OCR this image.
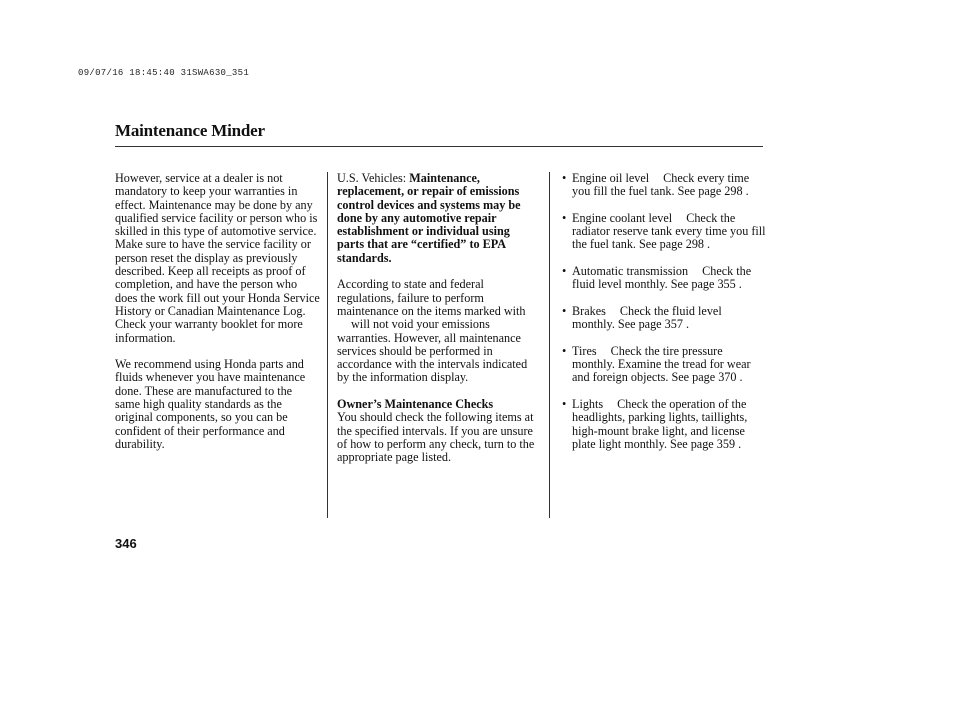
09/07/16 18:45:40 31SWA630_351
Maintenance Minder

However, service at a dealer is not mandatory to keep your warranties in effect. Maintenance may be done by any qualified service facility or person who is skilled in this type of automotive service. Make sure to have the service facility or person reset the display as previously described. Keep all receipts as proof of completion, and have the person who does the work fill out your Honda Service History or Canadian Maintenance Log. Check your warranty booklet for more information.

We recommend using Honda parts and fluids whenever you have maintenance done. These are manufactured to the same high quality standards as the original components, so you can be confident of their performance and durability.

U.S. Vehicles: Maintenance, replacement, or repair of emissions control devices and systems may be done by any automotive repair establishment or individual using parts that are “certified” to EPA standards.

According to state and federal regulations, failure to perform maintenance on the items marked withwill not void your emissions warranties. However, all maintenance services should be performed in accordance with the intervals indicated by the information display.

Owner’s Maintenance Checks

You should check the following items at the specified intervals. If you are unsure of how to perform any check, turn to the appropriate page listed.

• Engine oil level Check every time you fill the fuel tank. See page 298 .
• Engine coolant level Check the radiator reserve tank every time you fill the fuel tank. See page 298 .
• Automatic transmission Check the fluid level monthly. See page 355 .
• Brakes Check the fluid level monthly. See page 357 .
• Tires Check the tire pressure monthly. Examine the tread for wear and foreign objects. See page 370 .
• Lights Check the operation of the headlights, parking lights, taillights, high-mount brake light, and license plate light monthly. See page 359 .
346
